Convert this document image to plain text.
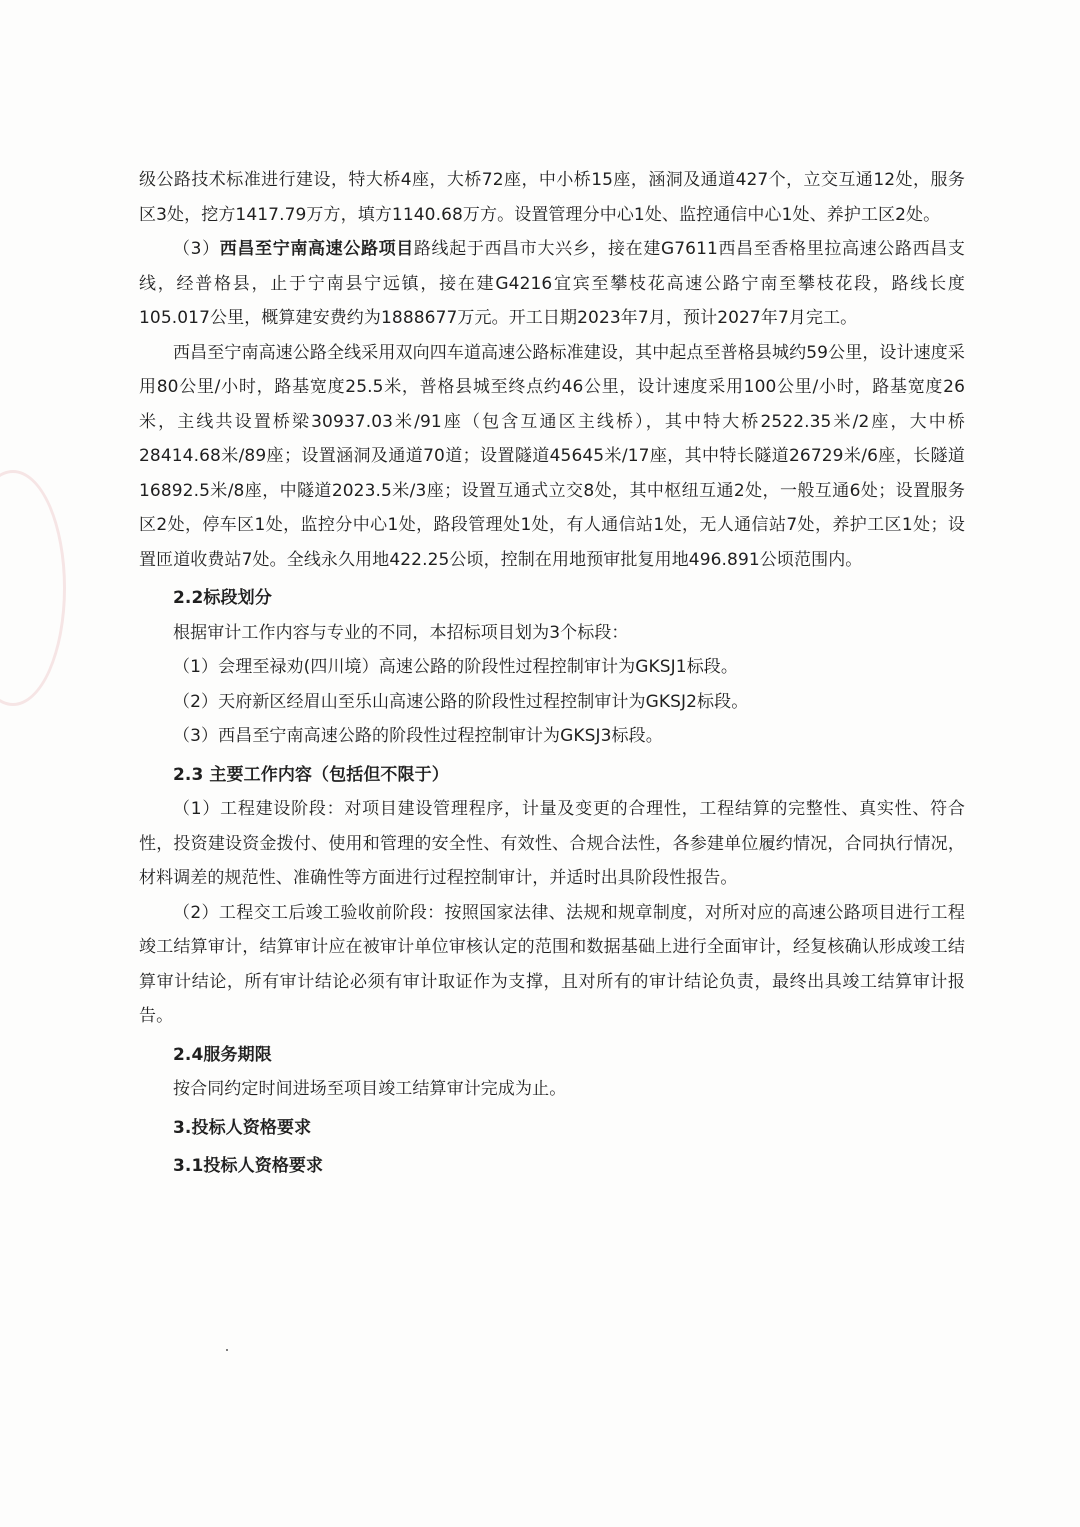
级公路技术标准进行建设，特大桥4座，大桥72座，中小桥15座，涵洞及通道427个，立交互通12处，服务区3处，挖方1417.79万方，填方1140.68万方。设置管理分中心1处、监控通信中心1处、养护工区2处。

（3）西昌至宁南高速公路项目路线起于西昌市大兴乡，接在建G7611西昌至香格里拉高速公路西昌支线，经普格县，止于宁南县宁远镇，接在建G4216宜宾至攀枝花高速公路宁南至攀枝花段，路线长度105.017公里，概算建安费约为1888677万元。开工日期2023年7月，预计2027年7月完工。

西昌至宁南高速公路全线采用双向四车道高速公路标准建设，其中起点至普格县城约59公里，设计速度采用80公里/小时，路基宽度25.5米，普格县城至终点约46公里，设计速度采用100公里/小时，路基宽度26米，主线共设置桥梁30937.03米/91座（包含互通区主线桥），其中特大桥2522.35米/2座，大中桥28414.68米/89座；设置涵洞及通道70道；设置隧道45645米/17座，其中特长隧道26729米/6座，长隧道16892.5米/8座，中隧道2023.5米/3座；设置互通式立交8处，其中枢纽互通2处，一般互通6处；设置服务区2处，停车区1处，监控分中心1处，路段管理处1处，有人通信站1处，无人通信站7处，养护工区1处；设置匝道收费站7处。全线永久用地422.25公顷，控制在用地预审批复用地496.891公顷范围内。

2.2标段划分

根据审计工作内容与专业的不同，本招标项目划为3个标段：

（1）会理至禄劝(四川境）高速公路的阶段性过程控制审计为GKSJ1标段。

（2）天府新区经眉山至乐山高速公路的阶段性过程控制审计为GKSJ2标段。

（3）西昌至宁南高速公路的阶段性过程控制审计为GKSJ3标段。

2.3 主要工作内容（包括但不限于）

（1）工程建设阶段：对项目建设管理程序，计量及变更的合理性，工程结算的完整性、真实性、符合性，投资建设资金拨付、使用和管理的安全性、有效性、合规合法性，各参建单位履约情况，合同执行情况，材料调差的规范性、准确性等方面进行过程控制审计，并适时出具阶段性报告。

（2）工程交工后竣工验收前阶段：按照国家法律、法规和规章制度，对所对应的高速公路项目进行工程竣工结算审计，结算审计应在被审计单位审核认定的范围和数据基础上进行全面审计，经复核确认形成竣工结算审计结论，所有审计结论必须有审计取证作为支撑，且对所有的审计结论负责，最终出具竣工结算审计报告。

2.4服务期限

按合同约定时间进场至项目竣工结算审计完成为止。

3.投标人资格要求

3.1投标人资格要求
